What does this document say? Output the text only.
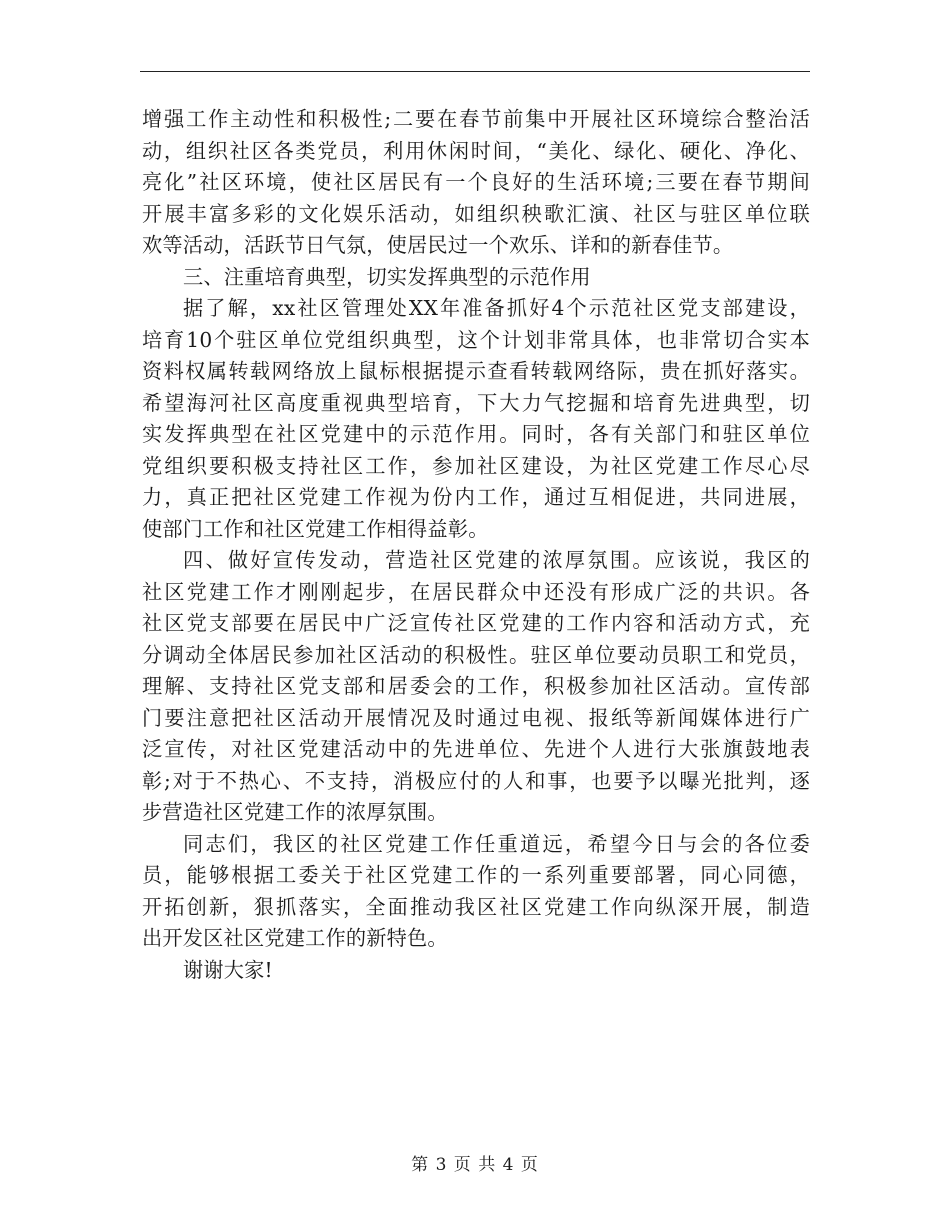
增强工作主动性和积极性;二要在春节前集中开展社区环境综合整治活
动，组织社区各类党员，利用休闲时间，“美化、绿化、硬化、净化、
亮化”社区环境，使社区居民有一个良好的生活环境;三要在春节期间
开展丰富多彩的文化娱乐活动，如组织秧歌汇演、社区与驻区单位联
欢等活动，活跃节日气氛，使居民过一个欢乐、详和的新春佳节。
三、注重培育典型，切实发挥典型的示范作用
据了解，xx社区管理处XX年准备抓好4个示范社区党支部建设，
培育10个驻区单位党组织典型，这个计划非常具体，也非常切合实本
资料权属转载网络放上鼠标根据提示查看转载网络际，贵在抓好落实。
希望海河社区高度重视典型培育，下大力气挖掘和培育先进典型，切
实发挥典型在社区党建中的示范作用。同时，各有关部门和驻区单位
党组织要积极支持社区工作，参加社区建设，为社区党建工作尽心尽
力，真正把社区党建工作视为份内工作，通过互相促进，共同进展，
使部门工作和社区党建工作相得益彰。
四、做好宣传发动，营造社区党建的浓厚氛围。应该说，我区的
社区党建工作才刚刚起步，在居民群众中还没有形成广泛的共识。各
社区党支部要在居民中广泛宣传社区党建的工作内容和活动方式，充
分调动全体居民参加社区活动的积极性。驻区单位要动员职工和党员，
理解、支持社区党支部和居委会的工作，积极参加社区活动。宣传部
门要注意把社区活动开展情况及时通过电视、报纸等新闻媒体进行广
泛宣传，对社区党建活动中的先进单位、先进个人进行大张旗鼓地表
彰;对于不热心、不支持，消极应付的人和事，也要予以曝光批判，逐
步营造社区党建工作的浓厚氛围。
同志们，我区的社区党建工作任重道远，希望今日与会的各位委
员，能够根据工委关于社区党建工作的一系列重要部署，同心同德，
开拓创新，狠抓落实，全面推动我区社区党建工作向纵深开展，制造
出开发区社区党建工作的新特色。
谢谢大家!
第 3 页 共 4 页
